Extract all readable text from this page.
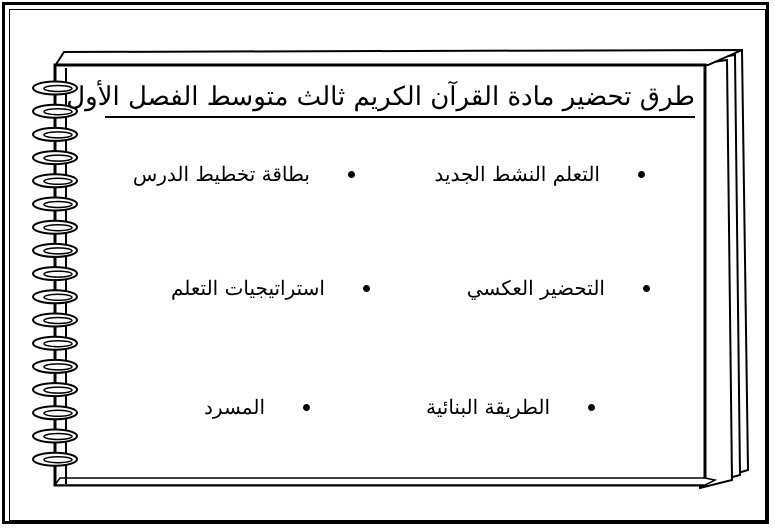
طرق تحضير مادة القرآن الكريم ثالث متوسط الفصل الأول
التعلم النشط الجديد
بطاقة تخطيط الدرس
التحضير العكسي
استراتيجيات التعلم
الطريقة البنائية
المسرد
